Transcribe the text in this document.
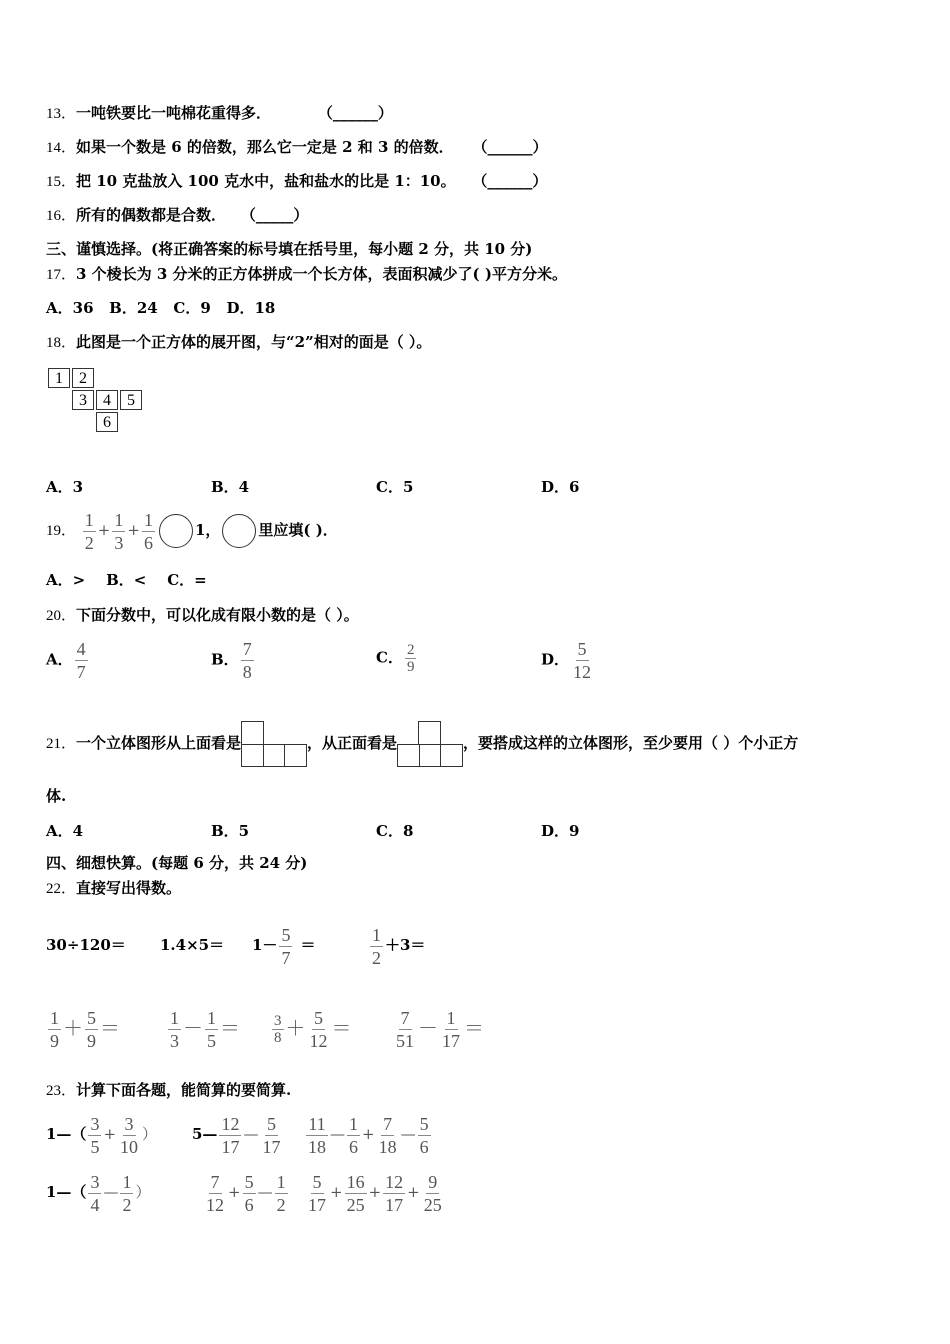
13．一吨铁要比一吨棉花重得多．	（______）
14．如果一个数是 6 的倍数，那么它一定是 2 和 3 的倍数． （______）
15．把 10 克盐放入 100 克水中，盐和盐水的比是 1：10。 （______）
16．所有的偶数都是合数． （_____）
三、谨慎选择。(将正确答案的标号填在括号里，每小题 2 分，共 10 分)
17．3 个棱长为 3 分米的正方体拼成一个长方体，表面积减少了( )平方分米。
A．36   B．24   C．9   D．18
18．此图是一个正方体的展开图，与“2”相对的面是（ ）。
1	2
3	4	5
6
A．3	B．4	C．5	D．6
19． $\frac{1}{2} + \frac{1}{3} + \frac{1}{6}$	1，	里应填( )．
A．>    B．<    C．=
20．下面分数中，可以化成有限小数的是（ ）。
A． $\frac{4}{7}$	B． $\frac{7}{8}$	C． $\frac{2}{9}$	D． $\frac{5}{12}$
21．一个立体图形从上面看是	，从正面看是	，要搭成这样的立体图形，至少要用（ ）个小正方
体.
A．4	B．5	C．8	D．9
四、细想快算。(每题 6 分，共 24 分)
22．直接写出得数。
$30\div 120= 1.4\times 5= 1- \frac{5}{7}$ ＝	$\frac{1}{2} +3=$
$\frac{1}{9} + \frac{5}{9}$ ＝	$\frac{1}{3} - \frac{1}{5} = \frac{3}{8} + \frac{5}{12} = \frac{7}{51} - \frac{1}{17}$ ＝
23．计算下面各题，能简算的要简算.
1—（ $\frac{3}{5} + \frac{3}{10}$ ） 5— $\frac{12}{17}$ — $\frac{5}{17} \frac{11}{18}$ — $\frac{1}{6} + \frac{7}{18}$ — $\frac{5}{6}$
1—（ $\frac{3}{4}$ — $\frac{1}{2}$ ）	$\frac{7}{12} + \frac{5}{6}$ — $\frac{1}{2} \frac{5}{17} + \frac{16}{25} + \frac{12}{17} + \frac{9}{25}$
